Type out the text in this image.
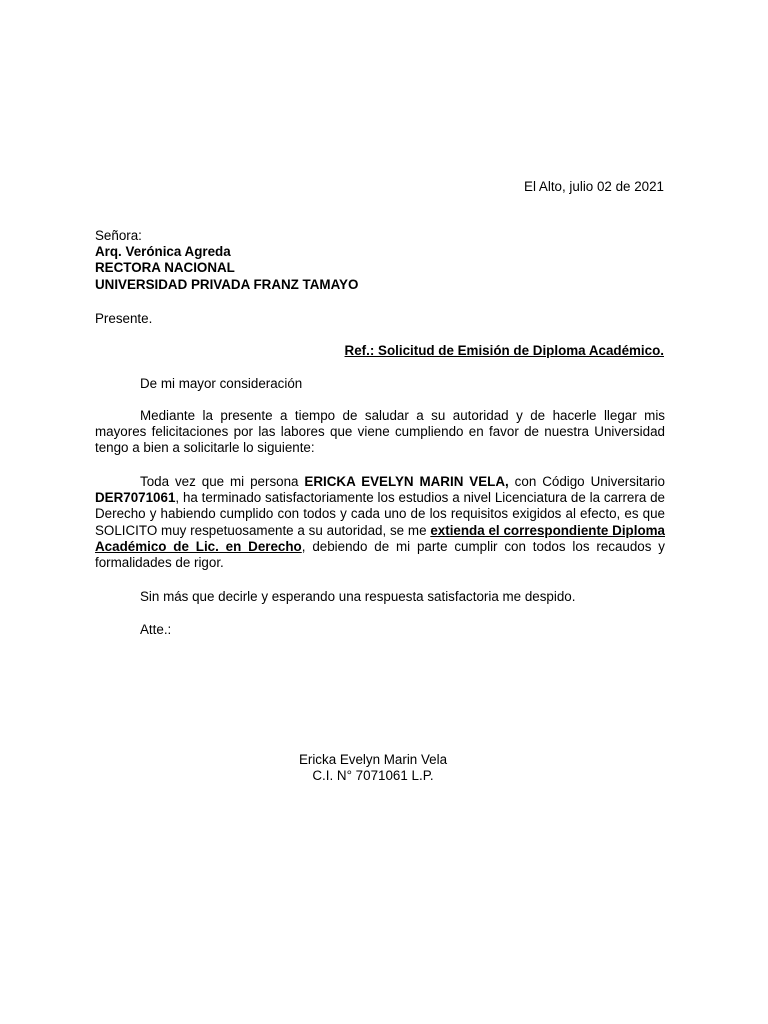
El Alto, julio 02 de 2021
Señora:
Arq. Verónica Agreda
RECTORA NACIONAL
UNIVERSIDAD PRIVADA FRANZ TAMAYO
Presente.
Ref.: Solicitud de Emisión de Diploma Académico.
De mi mayor consideración
Mediante la presente a tiempo de saludar a su autoridad y de hacerle llegar mis mayores felicitaciones por las labores que viene cumpliendo en favor de nuestra Universidad tengo a bien a solicitarle lo siguiente:
Toda vez que mi persona ERICKA EVELYN MARIN VELA, con Código Universitario DER7071061, ha terminado satisfactoriamente los estudios a nivel Licenciatura de la carrera de Derecho y habiendo cumplido con todos y cada uno de los requisitos exigidos al efecto, es que SOLICITO muy respetuosamente a su autoridad, se me extienda el correspondiente Diploma Académico de Lic. en Derecho, debiendo de mi parte cumplir con todos los recaudos y formalidades de rigor.
Sin más que decirle y esperando una respuesta satisfactoria me despido.
Atte.:
Ericka Evelyn Marin Vela
C.I. N° 7071061 L.P.
